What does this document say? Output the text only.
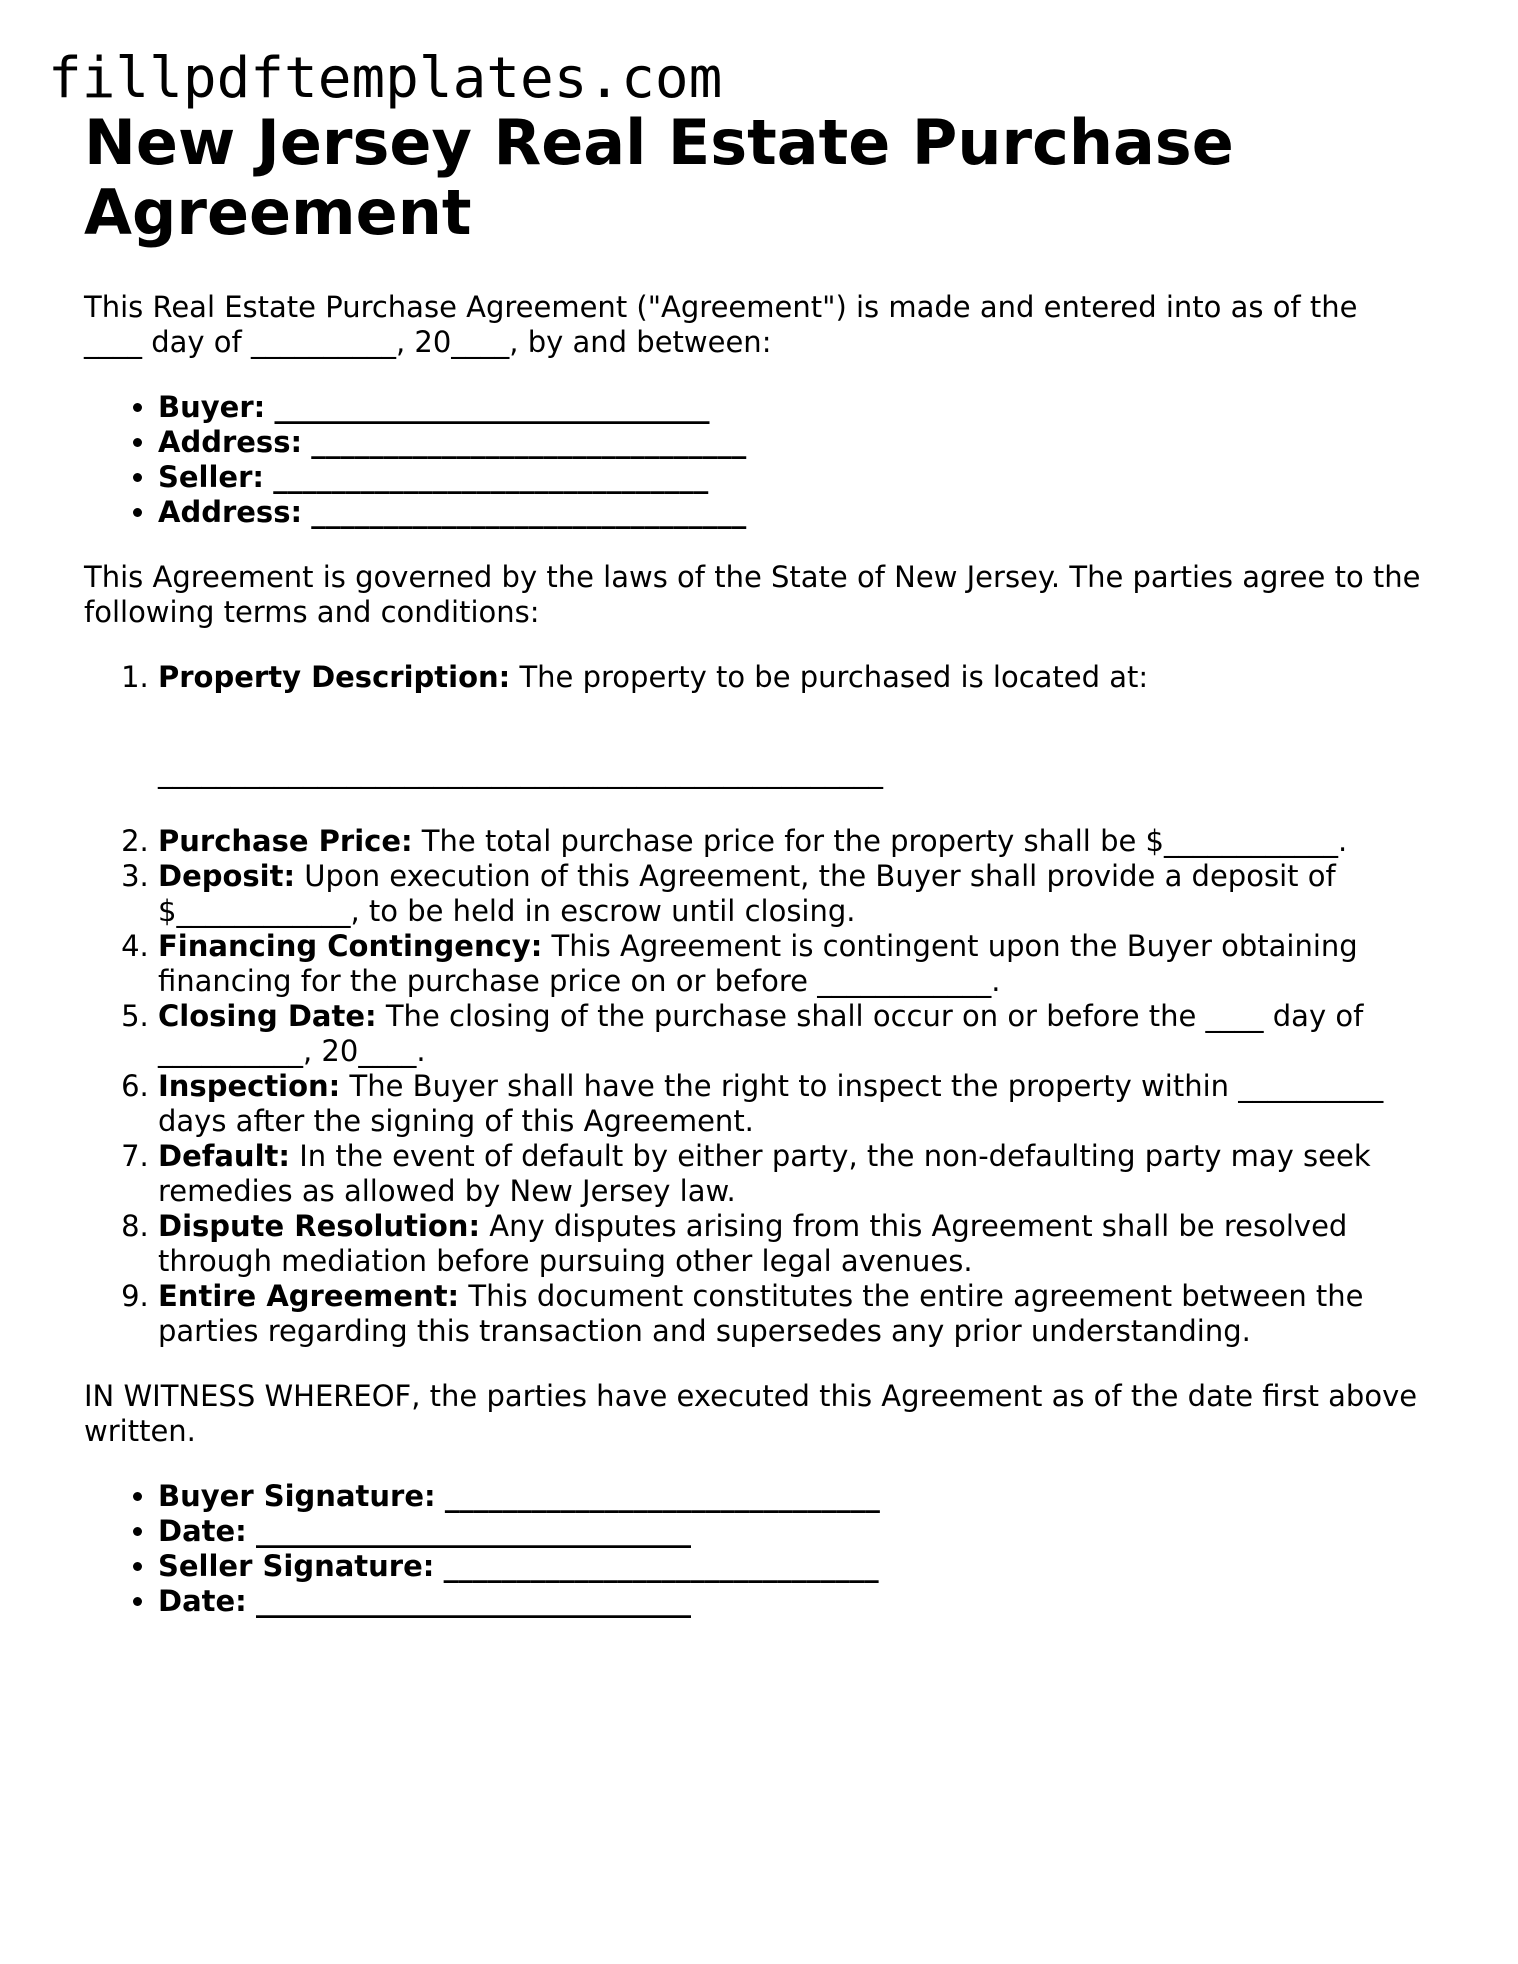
fillpdftemplates.com
New Jersey Real Estate Purchase Agreement

This Real Estate Purchase Agreement ("Agreement") is made and entered into as of the ____ day of __________, 20____, by and between:

• Buyer: ______________________________
• Address: ______________________________
• Seller: ______________________________
• Address: ______________________________

This Agreement is governed by the laws of the State of New Jersey. The parties agree to the following terms and conditions:

1. Property Description: The property to be purchased is located at:
__________________________________________________
2. Purchase Price: The total purchase price for the property shall be $____________.
3. Deposit: Upon execution of this Agreement, the Buyer shall provide a deposit of $____________, to be held in escrow until closing.
4. Financing Contingency: This Agreement is contingent upon the Buyer obtaining financing for the purchase price on or before ____________.
5. Closing Date: The closing of the purchase shall occur on or before the ____ day of __________, 20____.
6. Inspection: The Buyer shall have the right to inspect the property within __________ days after the signing of this Agreement.
7. Default: In the event of default by either party, the non-defaulting party may seek remedies as allowed by New Jersey law.
8. Dispute Resolution: Any disputes arising from this Agreement shall be resolved through mediation before pursuing other legal avenues.
9. Entire Agreement: This document constitutes the entire agreement between the parties regarding this transaction and supersedes any prior understanding.

IN WITNESS WHEREOF, the parties have executed this Agreement as of the date first above written.

• Buyer Signature: ______________________________
• Date: ______________________________
• Seller Signature: ______________________________
• Date: ______________________________
